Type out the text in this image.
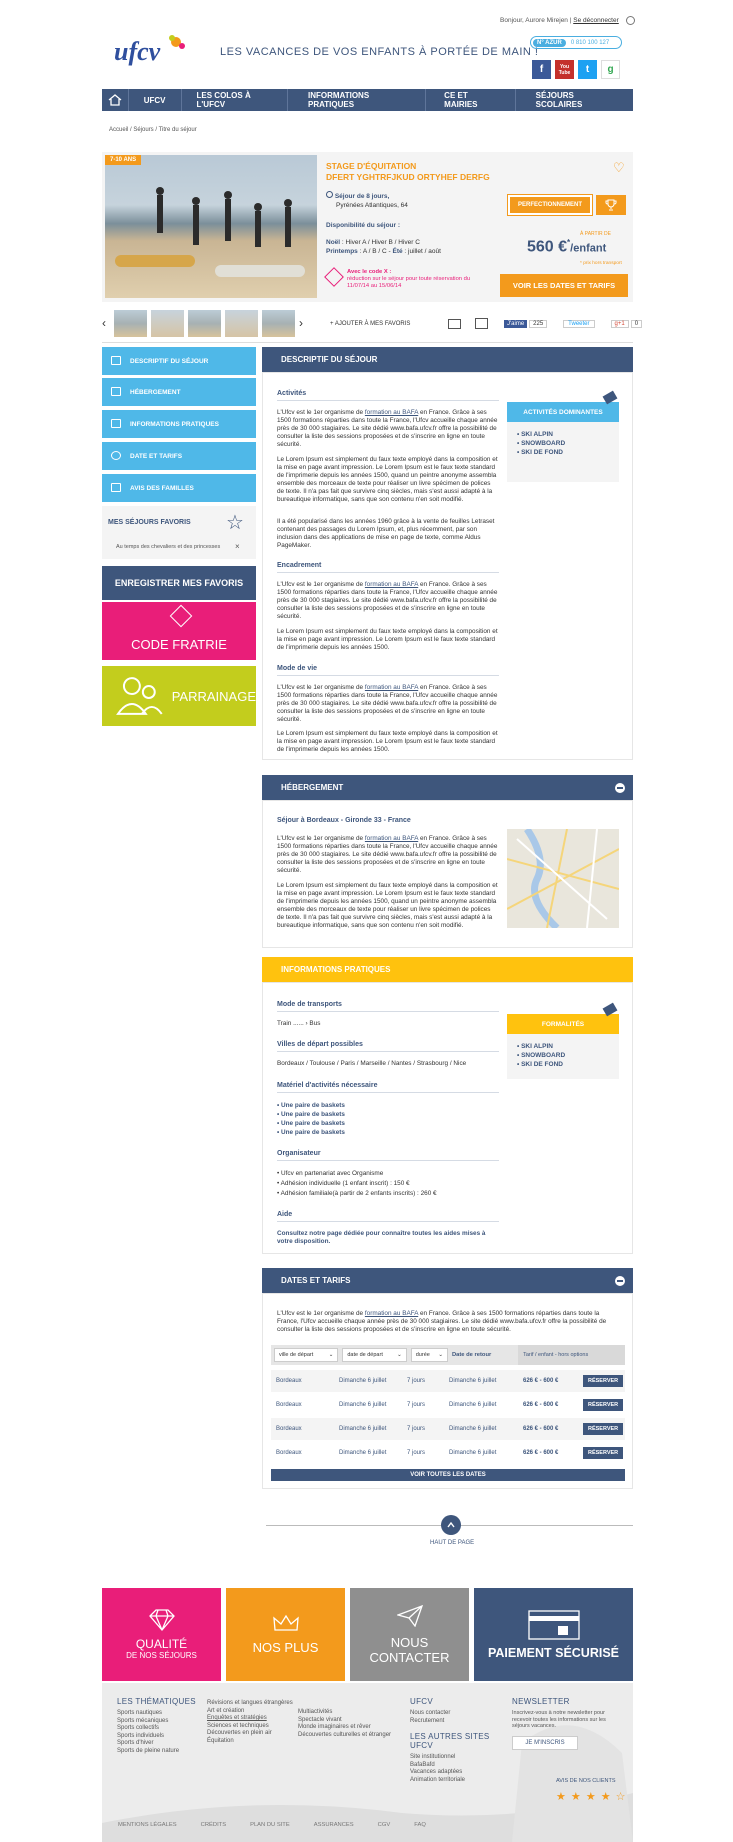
Bonjour, Aurore Mirejen | Se déconnecter
ufcv	LES VACANCES DE VOS ENFANTS À PORTÉE DE MAIN !
N° AZUR	0 810 100 127
f	You Tube	t	g
UFCV	LES COLOS À L'UFCV
INFORMATIONS PRATIQUES
CE ET MAIRIES
SÉJOURS SCOLAIRES
Accueil / Séjours / Titre du séjour
7-10 ANS
STAGE D'ÉQUITATION
DFERT YGHTRFJKUD ORTYHEF DERFG
♡
Séjour de 8 jours,
Pyrénées Atlantiques, 64
Disponibilité du séjour :

Noël : Hiver A / Hiver B / Hiver C
Printemps : A / B / C - Été : juillet / août
Avec le code X :
réduction sur le séjour pour toute réservation du 11/07/14 au 15/06/14
PERFECTIONNEMENT
À PARTIR DE
560 €*/enfant
* prix hors transport
VOIR LES DATES ET TARIFS
‹	›	+ AJOUTER À MES FAVORIS	J'aime	225	Tweeter	g+1	0
DESCRIPTIF DU SÉJOUR
HÉBERGEMENT
INFORMATIONS PRATIQUES
DATE ET TARIFS
AVIS DES FAMILLES
MES SÉJOURS FAVORIS ☆
Au temps des chevaliers et des princesses ×
ENREGISTRER MES FAVORIS
CODE FRATRIE
PARRAINAGE
DESCRIPTIF DU SÉJOUR
Activités
L'Ufcv est le 1er organisme de formation au BAFA en France. Grâce à ses 1500 formations réparties dans toute la France, l'Ufcv accueille chaque année près de 30 000 stagiaires. Le site dédié www.bafa.ufcv.fr offre la possibilité de consulter la liste des sessions proposées et de s'inscrire en ligne en toute sécurité.
Le Lorem Ipsum est simplement du faux texte employé dans la composition et la mise en page avant impression. Le Lorem Ipsum est le faux texte standard de l'imprimerie depuis les années 1500, quand un peintre anonyme assembla ensemble des morceaux de texte pour réaliser un livre spécimen de polices de texte. Il n'a pas fait que survivre cinq siècles, mais s'est aussi adapté à la bureautique informatique, sans que son contenu n'en soit modifié.
Il a été popularisé dans les années 1960 grâce à la vente de feuilles Letraset contenant des passages du Lorem Ipsum, et, plus récemment, par son inclusion dans des applications de mise en page de texte, comme Aldus PageMaker.
Encadrement
L'Ufcv est le 1er organisme de formation au BAFA en France. Grâce à ses 1500 formations réparties dans toute la France, l'Ufcv accueille chaque année près de 30 000 stagiaires. Le site dédié www.bafa.ufcv.fr offre la possibilité de consulter la liste des sessions proposées et de s'inscrire en ligne en toute sécurité.
Le Lorem Ipsum est simplement du faux texte employé dans la composition et la mise en page avant impression. Le Lorem Ipsum est le faux texte standard de l'imprimerie depuis les années 1500.
Mode de vie
L'Ufcv est le 1er organisme de formation au BAFA en France. Grâce à ses 1500 formations réparties dans toute la France, l'Ufcv accueille chaque année près de 30 000 stagiaires. Le site dédié www.bafa.ufcv.fr offre la possibilité de consulter la liste des sessions proposées et de s'inscrire en ligne en toute sécurité.
Le Lorem Ipsum est simplement du faux texte employé dans la composition et la mise en page avant impression. Le Lorem Ipsum est le faux texte standard de l'imprimerie depuis les années 1500.
ACTIVITÉS DOMINANTES
• SKI ALPIN
• SNOWBOARD
• SKI DE FOND
HÉBERGEMENT
Séjour à Bordeaux - Gironde 33 - France
L'Ufcv est le 1er organisme de formation au BAFA en France. Grâce à ses 1500 formations réparties dans toute la France, l'Ufcv accueille chaque année près de 30 000 stagiaires. Le site dédié www.bafa.ufcv.fr offre la possibilité de consulter la liste des sessions proposées et de s'inscrire en ligne en toute sécurité.
Le Lorem Ipsum est simplement du faux texte employé dans la composition et la mise en page avant impression. Le Lorem Ipsum est le faux texte standard de l'imprimerie depuis les années 1500, quand un peintre anonyme assembla ensemble des morceaux de texte pour réaliser un livre spécimen de polices de texte. Il n'a pas fait que survivre cinq siècles, mais s'est aussi adapté à la bureautique informatique, sans que son contenu n'en soit modifié.
INFORMATIONS PRATIQUES
Mode de transports
Train ...... › Bus
Villes de départ possibles
Bordeaux / Toulouse / Paris / Marseille / Nantes / Strasbourg / Nice
Matériel d'activités nécessaire
• Une paire de baskets
• Une paire de baskets
• Une paire de baskets
• Une paire de baskets
Organisateur
• Ufcv en partenariat avec Organisme
• Adhésion individuelle (1 enfant inscrit) : 150 €
• Adhésion familiale(à partir de 2 enfants inscrits) : 260 €
Aide
Consultez notre page dédiée pour connaître toutes les aides mises à votre disposition.
FORMALITÉS
• SKI ALPIN
• SNOWBOARD
• SKI DE FOND
DATES ET TARIFS
L'Ufcv est le 1er organisme de formation au BAFA en France. Grâce à ses 1500 formations réparties dans toute la France, l'Ufcv accueille chaque année près de 30 000 stagiaires. Le site dédié www.bafa.ufcv.fr offre la possibilité de consulter la liste des sessions proposées et de s'inscrire en ligne en toute sécurité.
ville de départ	⌄	date de départ	⌄	durée ⌄ Date de retour	Tarif / enfant - hors options
Bordeaux	Dimanche 6 juillet	7 jours	Dimanche 6 juillet	626 € - 600 €	RÉSERVER
Bordeaux	Dimanche 6 juillet	7 jours	Dimanche 6 juillet	626 € - 600 €	RÉSERVER
Bordeaux	Dimanche 6 juillet	7 jours	Dimanche 6 juillet	626 € - 600 €	RÉSERVER
Bordeaux	Dimanche 6 juillet	7 jours	Dimanche 6 juillet	626 € - 600 €	RÉSERVER
VOIR TOUTES LES DATES
HAUT DE PAGE
QUALITÉ
DE NOS SÉJOURS
NOS PLUS	NOUS CONTACTER	PAIEMENT SÉCURISÉ
LES THÉMATIQUES
Sports nautiques
Sports mécaniques
Sports collectifs
Sports individuels
Sports d'hiver
Sports de pleine nature
Révisions et langues étrangères
Art et création
Enquêtes et stratégies
Sciences et techniques
Découvertes en plein air
Équitation
Multiactivités
Spectacle vivant
Monde imaginaires et rêver
Découvertes culturelles et étranger
UFCV
Nous contacter
Recrutement
LES AUTRES SITES UFCV
Site institutionnel
BafaBafd
Vacances adaptées
Animation territoriale
NEWSLETTER
Inscrivez-vous à notre newsletter pour recevoir toutes les informations sur les séjours vacances.
JE M'INSCRIS
AVIS DE NOS CLIENTS
★ ★ ★ ★ ☆
MENTIONS LÉGALES	CRÉDITS	PLAN DU SITE	ASSURANCES	CGV	FAQ
